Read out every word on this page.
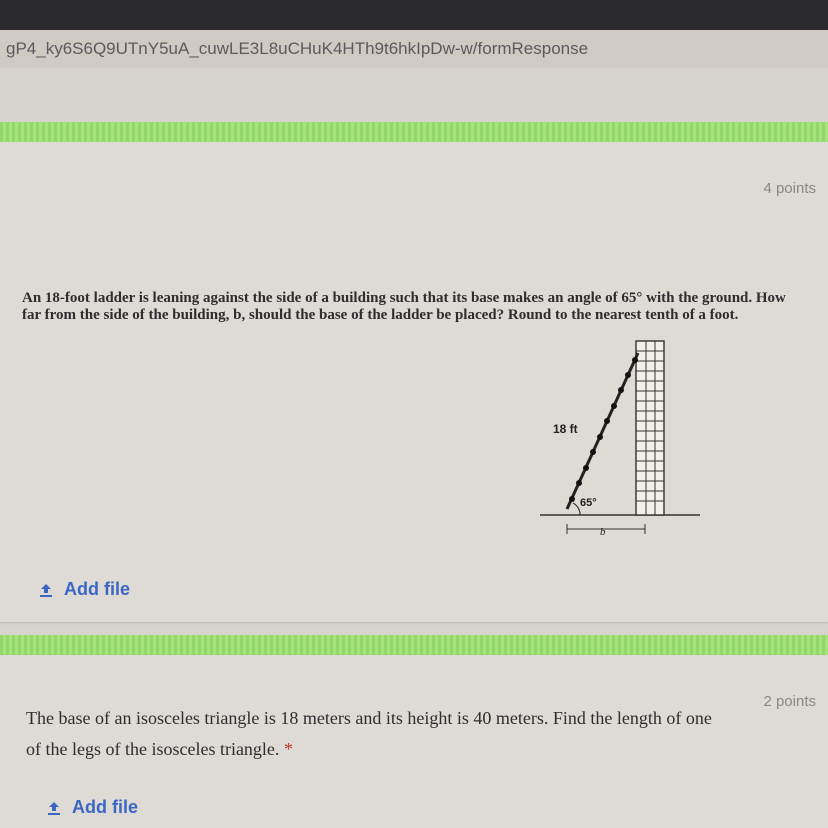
gP4_ky6S6Q9UTnY5uA_cuwLE3L8uCHuK4HTh9t6hkIpDw-w/formResponse
4 points
An 18-foot ladder is leaning against the side of a building such that its base makes an angle of 65° with the ground. How far from the side of the building, b, should the base of the ladder be placed? Round to the nearest tenth of a foot.
18 ft
65°
b
Add file
2 points
The base of an isosceles triangle is 18 meters and its height is 40 meters. Find the length of one of the legs of the isosceles triangle. *
Add file
